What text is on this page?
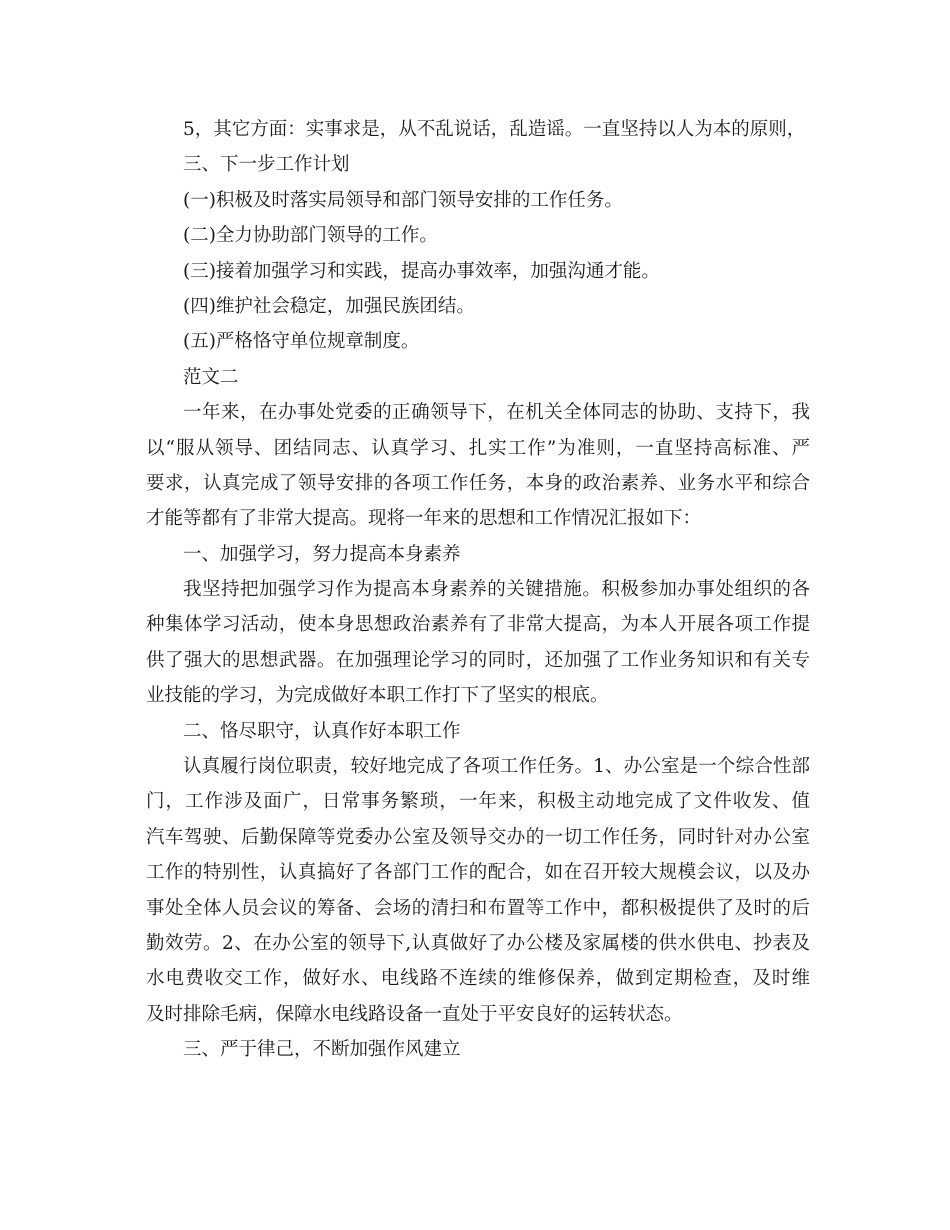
5，其它方面：实事求是，从不乱说话，乱造谣。一直坚持以人为本的原则，
三、下一步工作计划
(一)积极及时落实局领导和部门领导安排的工作任务。
(二)全力协助部门领导的工作。
(三)接着加强学习和实践，提高办事效率，加强沟通才能。
(四)维护社会稳定，加强民族团结。
(五)严格恪守单位规章制度。
范文二
一年来，在办事处党委的正确领导下，在机关全体同志的协助、支持下，我
以“服从领导、团结同志、认真学习、扎实工作”为准则，一直坚持高标准、严
要求，认真完成了领导安排的各项工作任务，本身的政治素养、业务水平和综合
才能等都有了非常大提高。现将一年来的思想和工作情况汇报如下：
一、加强学习，努力提高本身素养
我坚持把加强学习作为提高本身素养的关键措施。积极参加办事处组织的各
种集体学习活动，使本身思想政治素养有了非常大提高，为本人开展各项工作提
供了强大的思想武器。在加强理论学习的同时，还加强了工作业务知识和有关专
业技能的学习，为完成做好本职工作打下了坚实的根底。
二、恪尽职守，认真作好本职工作
认真履行岗位职责，较好地完成了各项工作任务。1、办公室是一个综合性部
门，工作涉及面广，日常事务繁琐，一年来，积极主动地完成了文件收发、值
汽车驾驶、后勤保障等党委办公室及领导交办的一切工作任务，同时针对办公室
工作的特别性，认真搞好了各部门工作的配合，如在召开较大规模会议，以及办
事处全体人员会议的筹备、会场的清扫和布置等工作中，都积极提供了及时的后
勤效劳。2、在办公室的领导下,认真做好了办公楼及家属楼的供水供电、抄表及
水电费收交工作，做好水、电线路不连续的维修保养，做到定期检查，及时维
及时排除毛病，保障水电线路设备一直处于平安良好的运转状态。
三、严于律己，不断加强作风建立
